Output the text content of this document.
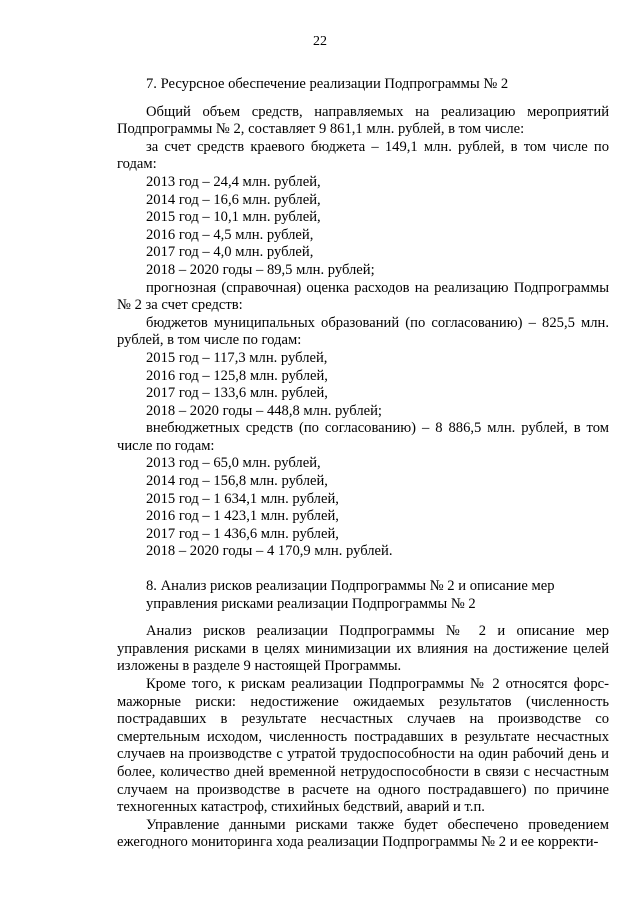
22

7. Ресурсное обеспечение реализации Подпрограммы № 2

Общий объем средств, направляемых на реализацию мероприятий Подпрограммы № 2, составляет 9 861,1 млн. рублей, в том числе:

за счет средств краевого бюджета – 149,1 млн. рублей, в том числе по годам:

2013 год – 24,4 млн. рублей,

2014 год – 16,6 млн. рублей,

2015 год – 10,1 млн. рублей,

2016 год – 4,5 млн. рублей,

2017 год – 4,0 млн. рублей,

2018 – 2020 годы – 89,5 млн. рублей;

прогнозная (справочная) оценка расходов на реализацию Подпрограммы № 2 за счет средств:

бюджетов муниципальных образований (по согласованию) – 825,5 млн. рублей, в том числе по годам:

2015 год – 117,3 млн. рублей,

2016 год – 125,8 млн. рублей,

2017 год – 133,6 млн. рублей,

2018 – 2020 годы – 448,8 млн. рублей;

внебюджетных средств (по согласованию) – 8 886,5 млн. рублей, в том числе по годам:

2013 год – 65,0 млн. рублей,

2014 год – 156,8 млн. рублей,

2015 год – 1 634,1 млн. рублей,

2016 год – 1 423,1 млн. рублей,

2017 год – 1 436,6 млн. рублей,

2018 – 2020 годы – 4 170,9 млн. рублей.

8. Анализ рисков реализации Подпрограммы № 2 и описание мер управления рисками реализации Подпрограммы № 2

Анализ рисков реализации Подпрограммы № 2 и описание мер управления рисками в целях минимизации их влияния на достижение целей изложены в разделе 9 настоящей Программы.

Кроме того, к рискам реализации Подпрограммы № 2 относятся форс-мажорные риски: недостижение ожидаемых результатов (численность пострадавших в результате несчастных случаев на производстве со смертельным исходом, численность пострадавших в результате несчастных случаев на производстве с утратой трудоспособности на один рабочий день и более, количество дней временной нетрудоспособности в связи с несчастным случаем на производстве в расчете на одного пострадавшего) по причине техногенных катастроф, стихийных бедствий, аварий и т.п.

Управление данными рисками также будет обеспечено проведением ежегодного мониторинга хода реализации Подпрограммы № 2 и ее корректи-
